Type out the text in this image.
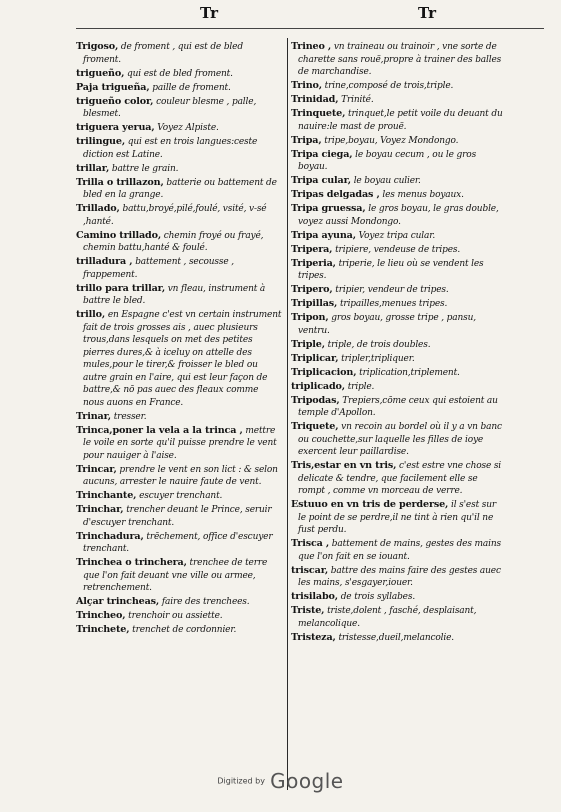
Tr	Tr
Trigoso, de froment , qui est de bled froment.
trigueño, qui est de bled froment.
Paja trigueña, paille de froment.
trigueño color, couleur blesme , palle, blesmet.
triguera yerua, Voyez Alpiste.
trilingue, qui est en trois langues:ceste diction est Latine.
trillar, battre le grain.
Trilla o trillazon, batterie ou battement de bled en la grange.
Trillado, battu,broyé,pilé,foulé, vsité, v-sé ,hanté.
Camino trillado, chemin froyé ou frayé, chemin battu,hanté & foulé.
trilladura , battement , secousse , frappement.
trillo para trillar, vn fleau, instrument à battre le bled.
trillo, en Espagne c'est vn certain instrument fait de trois grosses ais , auec plusieurs trous,dans lesquels on met des petites pierres dures,& à iceluy on attelle des mules,pour le tirer,& froisser le bled ou autre grain en l'aire, qui est leur façon de battre,& nō pas auec des fleaux comme nous auons en France.
Trinar, tresser.
Trinca,poner la vela a la trinca , mettre le voile en sorte qu'il puisse prendre le vent pour nauiger à l'aise.
Trincar, prendre le vent en son lict : & selon aucuns, arrester le nauire faute de vent.
Trinchante, escuyer trenchant.
Trinchar, trencher deuant le Prince, seruir d'escuyer trenchant.
Trinchadura, trēchement, office d'escuyer trenchant.
Trinchea o trinchera, trenchee de terre que l'on fait deuant vne ville ou armee, retrenchement.
Alçar trincheas, faire des trenchees.
Trincheo, trenchoir ou assiette.
Trinchete, trenchet de cordonnier.
Trineo , vn traineau ou trainoir , vne sorte de charette sans rouë,propre à trainer des balles de marchandise.
Trino, trine,composé de trois,triple.
Trinidad, Trinité.
Trinquete, trinquet,le petit voile du deuant du nauire:le mast de prouë.
Tripa, tripe,boyau, Voyez Mondongo.
Tripa ciega, le boyau cecum , ou le gros boyau.
Tripa cular, le boyau culier.
Tripas delgadas , les menus boyaux.
Tripa gruessa, le gros boyau, le gras double, voyez aussi Mondongo.
Tripa ayuna, Voyez tripa cular.
Tripera, tripiere, vendeuse de tripes.
Triperia, triperie, le lieu où se vendent les tripes.
Tripero, tripier, vendeur de tripes.
Tripillas, tripailles,menues tripes.
Tripon, gros boyau, grosse tripe , pansu, ventru.
Triple, triple, de trois doubles.
Triplicar, tripler,tripliquer.
Triplicacion, triplication,triplement.
triplicado, triple.
Tripodas, Trepiers,cōme ceux qui estoient au temple d'Apollon.
Triquete, vn recoin au bordel où il y a vn banc ou couchette,sur laquelle les filles de ioye exercent leur paillardise.
Tris,estar en vn tris, c'est estre vne chose si delicate & tendre, que facilement elle se rompt , comme vn morceau de verre.
Estuuo en vn tris de perderse, il s'est sur le point de se perdre,il ne tint à rien qu'il ne fust perdu.
Trisca , battement de mains, gestes des mains que l'on fait en se iouant.
triscar, battre des mains faire des gestes auec les mains, s'esgayer,iouer.
trisilabo, de trois syllabes.
Triste, triste,dolent , fasché, desplaisant, melancolique.
Tristeza, tristesse,dueil,melancolie.
Digitized by Google
